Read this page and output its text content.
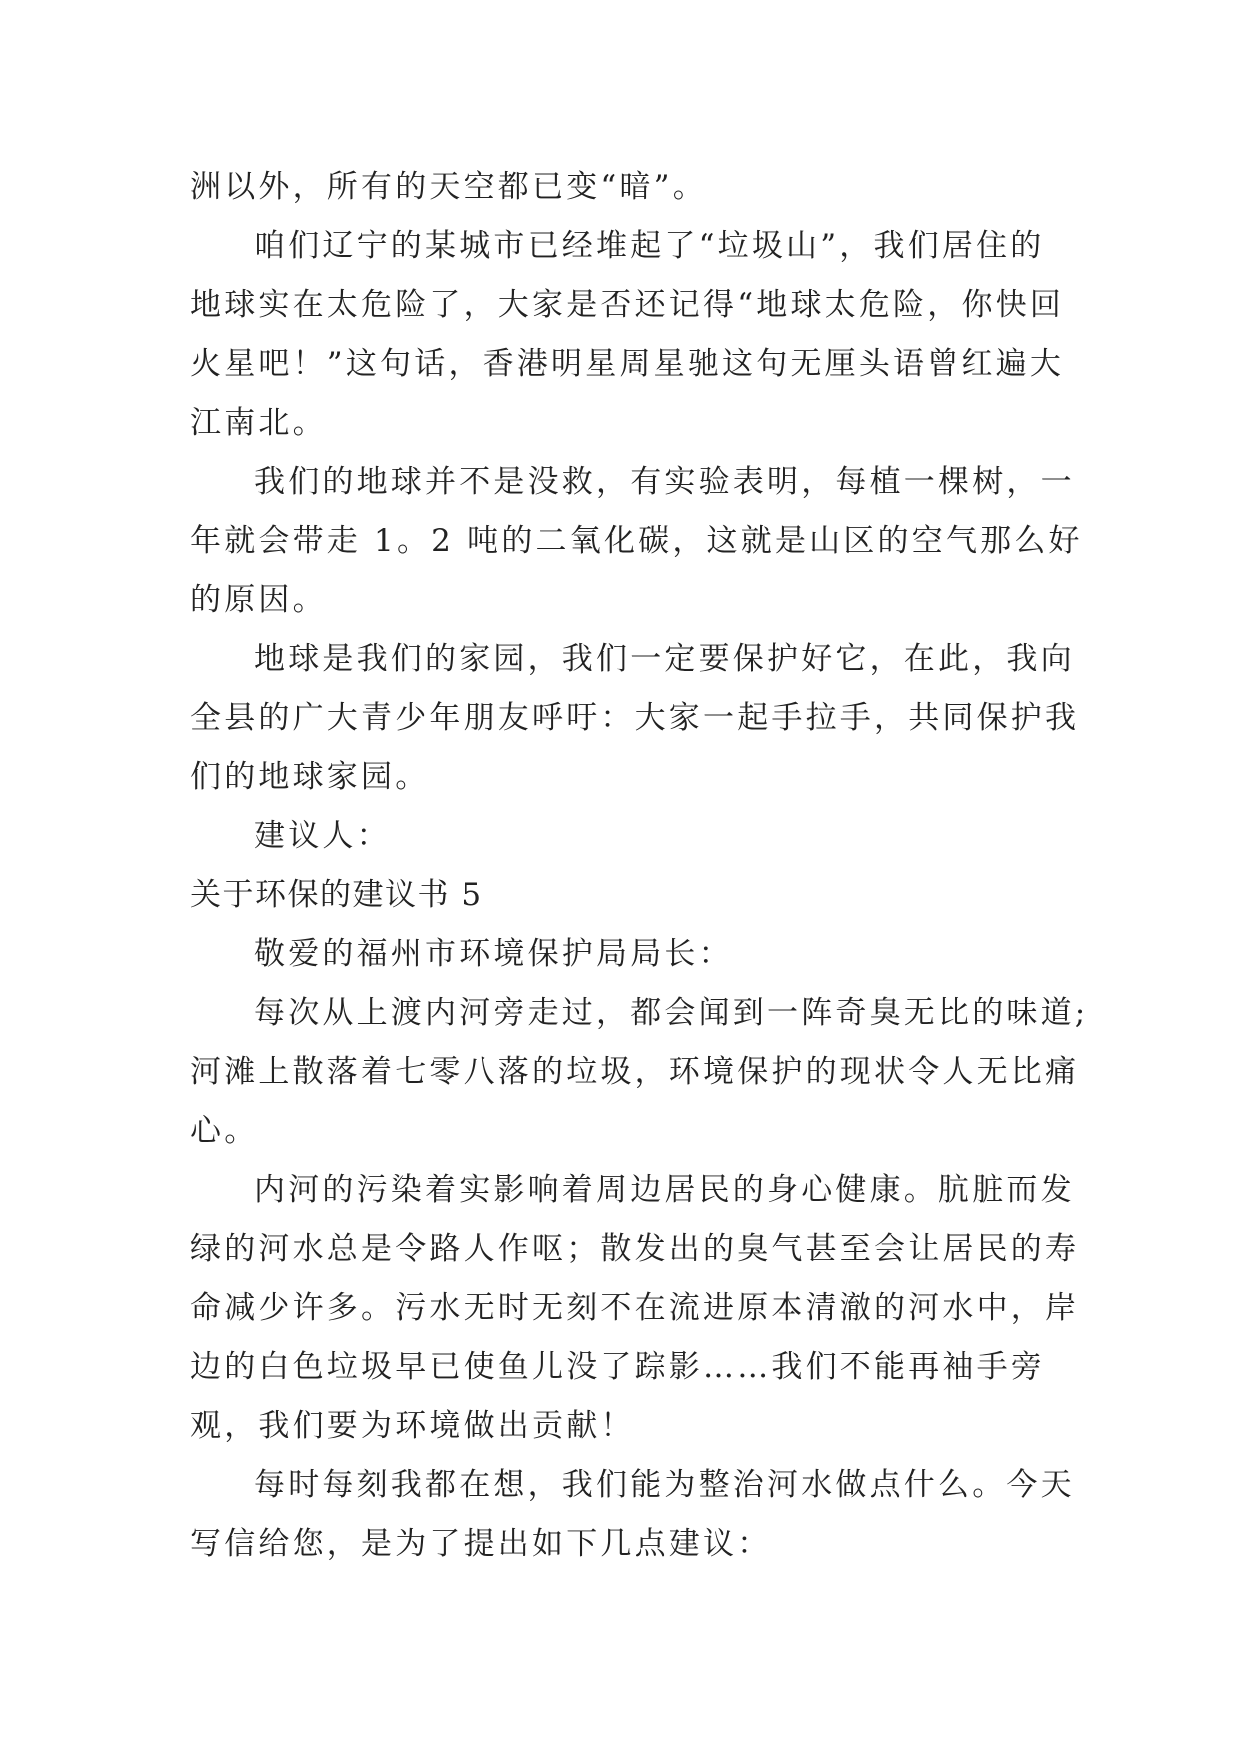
洲以外，所有的天空都已变“暗”。
咱们辽宁的某城市已经堆起了“垃圾山”，我们居住的
地球实在太危险了，大家是否还记得“地球太危险，你快回
火星吧！”这句话，香港明星周星驰这句无厘头语曾红遍大
江南北。
我们的地球并不是没救，有实验表明，每植一棵树，一
年就会带走 1。2 吨的二氧化碳，这就是山区的空气那么好
的原因。
地球是我们的家园，我们一定要保护好它，在此，我向
全县的广大青少年朋友呼吁：大家一起手拉手，共同保护我
们的地球家园。
建议人：
关于环保的建议书 5
敬爱的福州市环境保护局局长：
每次从上渡内河旁走过，都会闻到一阵奇臭无比的味道;
河滩上散落着七零八落的垃圾，环境保护的现状令人无比痛
心。
内河的污染着实影响着周边居民的身心健康。肮脏而发
绿的河水总是令路人作呕；散发出的臭气甚至会让居民的寿
命减少许多。污水无时无刻不在流进原本清澈的河水中，岸
边的白色垃圾早已使鱼儿没了踪影……我们不能再袖手旁
观，我们要为环境做出贡献！
每时每刻我都在想，我们能为整治河水做点什么。今天
写信给您，是为了提出如下几点建议：
